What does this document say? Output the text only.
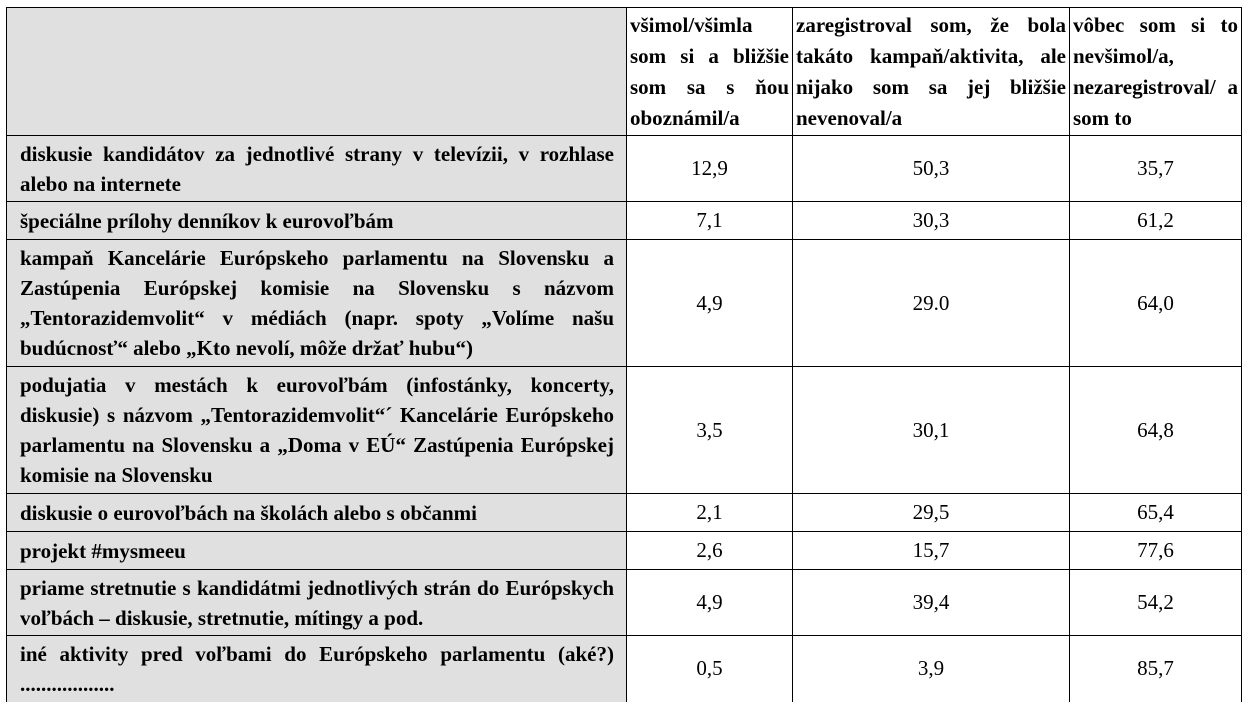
	všimol/všimla som si a bližšie som sa s ňou oboznámil/a	zaregistroval som, že bola takáto kampaň/aktivita, ale nijako som sa jej bližšie nevenoval/a	vôbec som si to nevšimol/a, nezaregistroval/ a som to
diskusie kandidátov za jednotlivé strany v televízii, v rozhlase alebo na internete	12,9	50,3	35,7
špeciálne prílohy denníkov k eurovoľbám	7,1	30,3	61,2
kampaň Kancelárie Európskeho parlamentu na Slovensku a Zastúpenia Európskej komisie na Slovensku s názvom „Tentorazidemvolit“ v médiách (napr. spoty „Volíme našu budúcnosť“ alebo „Kto nevolí, môže držať hubu“)	4,9	29.0	64,0
podujatia v mestách k eurovoľbám (infostánky, koncerty, diskusie) s názvom „Tentorazidemvolit“´ Kancelárie Európskeho parlamentu na Slovensku a „Doma v EÚ“ Zastúpenia Európskej komisie na Slovensku	3,5	30,1	64,8
diskusie o eurovoľbách na školách alebo s občanmi	2,1	29,5	65,4
projekt #mysmeeu	2,6	15,7	77,6
priame stretnutie s kandidátmi jednotlivých strán do Európskych voľbách – diskusie, stretnutie, mítingy a pod.	4,9	39,4	54,2
iné aktivity pred voľbami do Európskeho parlamentu (aké?) ..................	0,5	3,9	85,7
